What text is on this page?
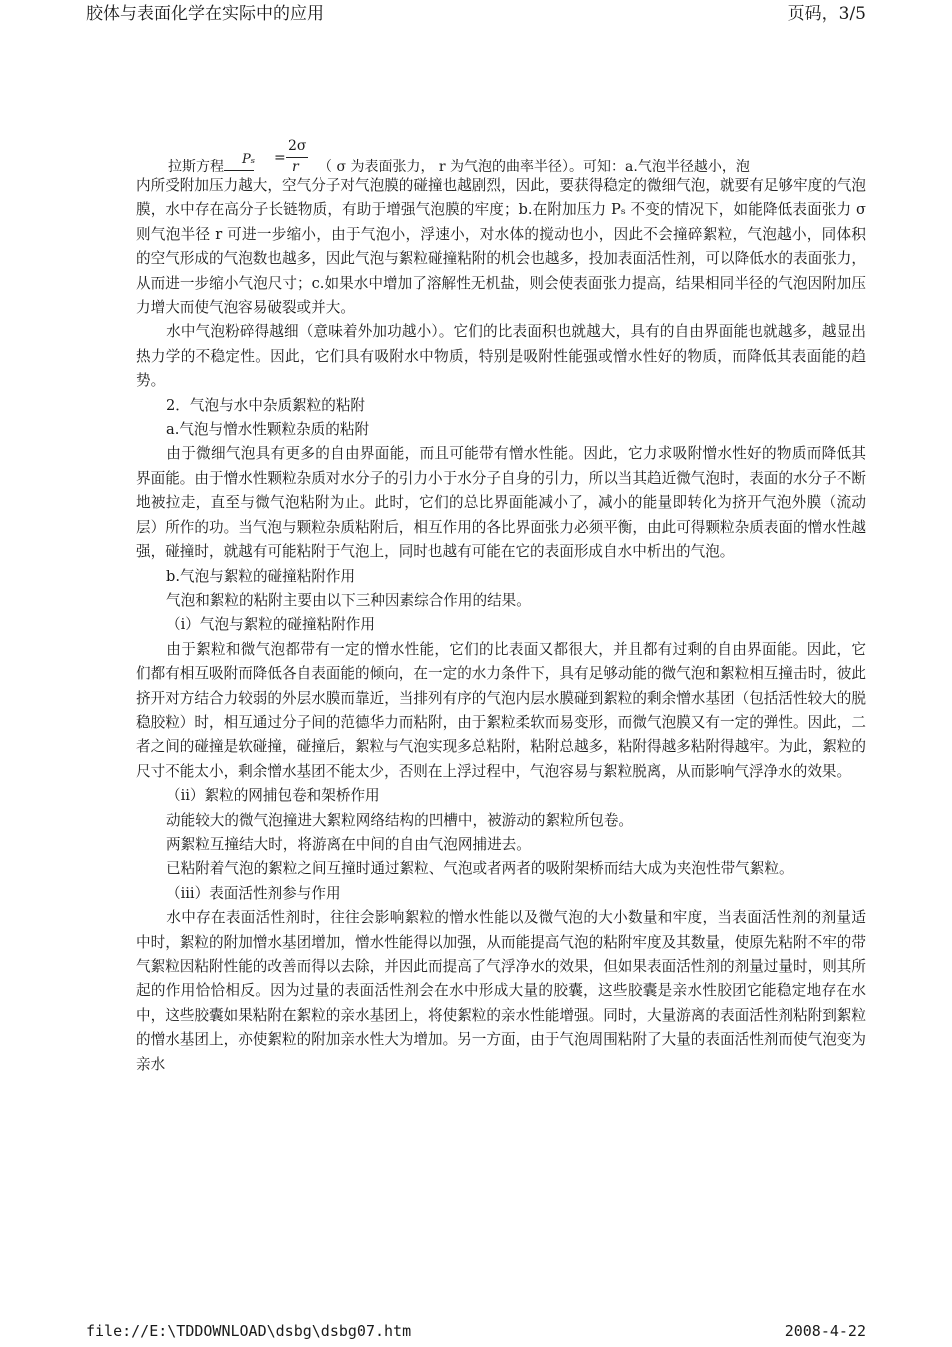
胶体与表面化学在实际中的应用	页码，3/5
拉斯方程	Pₛ =
2σ
r （ σ 为表面张力， r 为气泡的曲率半径）。可知：a.气泡半径越小，泡

内所受附加压力越大，空气分子对气泡膜的碰撞也越剧烈，因此，要获得稳定的微细气泡，就要有足够牢度的气泡膜，水中存在高分子长链物质，有助于增强气泡膜的牢度；b.在附加压力 Pₛ 不变的情况下，如能降低表面张力 σ 则气泡半径 r 可进一步缩小，由于气泡小，浮速小，对水体的搅动也小，因此不会撞碎絮粒，气泡越小，同体积的空气形成的气泡数也越多，因此气泡与絮粒碰撞粘附的机会也越多，投加表面活性剂，可以降低水的表面张力，从而进一步缩小气泡尺寸；c.如果水中增加了溶解性无机盐，则会使表面张力提高，结果相同半径的气泡因附加压力增大而使气泡容易破裂或并大。

水中气泡粉碎得越细（意味着外加功越小）。它们的比表面积也就越大，具有的自由界面能也就越多，越显出热力学的不稳定性。因此，它们具有吸附水中物质，特别是吸附性能强或憎水性好的物质，而降低其表面能的趋势。

2．气泡与水中杂质絮粒的粘附

a.气泡与憎水性颗粒杂质的粘附

由于微细气泡具有更多的自由界面能，而且可能带有憎水性能。因此，它力求吸附憎水性好的物质而降低其界面能。由于憎水性颗粒杂质对水分子的引力小于水分子自身的引力，所以当其趋近微气泡时，表面的水分子不断地被拉走，直至与微气泡粘附为止。此时，它们的总比界面能减小了，减小的能量即转化为挤开气泡外膜（流动层）所作的功。当气泡与颗粒杂质粘附后，相互作用的各比界面张力必须平衡，由此可得颗粒杂质表面的憎水性越强，碰撞时，就越有可能粘附于气泡上，同时也越有可能在它的表面形成自水中析出的气泡。

b.气泡与絮粒的碰撞粘附作用

气泡和絮粒的粘附主要由以下三种因素综合作用的结果。

（ⅰ）气泡与絮粒的碰撞粘附作用

由于絮粒和微气泡都带有一定的憎水性能，它们的比表面又都很大，并且都有过剩的自由界面能。因此，它们都有相互吸附而降低各自表面能的倾向，在一定的水力条件下，具有足够动能的微气泡和絮粒相互撞击时，彼此挤开对方结合力较弱的外层水膜而靠近，当排列有序的气泡内层水膜碰到絮粒的剩余憎水基团（包括活性较大的脱稳胶粒）时，相互通过分子间的范德华力而粘附，由于絮粒柔软而易变形，而微气泡膜又有一定的弹性。因此，二者之间的碰撞是软碰撞，碰撞后，絮粒与气泡实现多总粘附，粘附总越多，粘附得越多粘附得越牢。为此，絮粒的尺寸不能太小，剩余憎水基团不能太少，否则在上浮过程中，气泡容易与絮粒脱离，从而影响气浮净水的效果。

（ⅱ）絮粒的网捕包卷和架桥作用

动能较大的微气泡撞进大絮粒网络结构的凹槽中，被游动的絮粒所包卷。

两絮粒互撞结大时，将游离在中间的自由气泡网捕进去。

已粘附着气泡的絮粒之间互撞时通过絮粒、气泡或者两者的吸附架桥而结大成为夹泡性带气絮粒。

（iii）表面活性剂参与作用

水中存在表面活性剂时，往往会影响絮粒的憎水性能以及微气泡的大小数量和牢度，当表面活性剂的剂量适中时，絮粒的附加憎水基团增加，憎水性能得以加强，从而能提高气泡的粘附牢度及其数量，使原先粘附不牢的带气絮粒因粘附性能的改善而得以去除，并因此而提高了气浮净水的效果，但如果表面活性剂的剂量过量时，则其所起的作用恰恰相反。因为过量的表面活性剂会在水中形成大量的胶囊，这些胶囊是亲水性胶团它能稳定地存在水中，这些胶囊如果粘附在絮粒的亲水基团上，将使絮粒的亲水性能增强。同时，大量游离的表面活性剂粘附到絮粒的憎水基团上，亦使絮粒的附加亲水性大为增加。另一方面，由于气泡周围粘附了大量的表面活性剂而使气泡变为亲水

file://E:\TDDOWNLOAD\dsbg\dsbg07.htm	2008-4-22
